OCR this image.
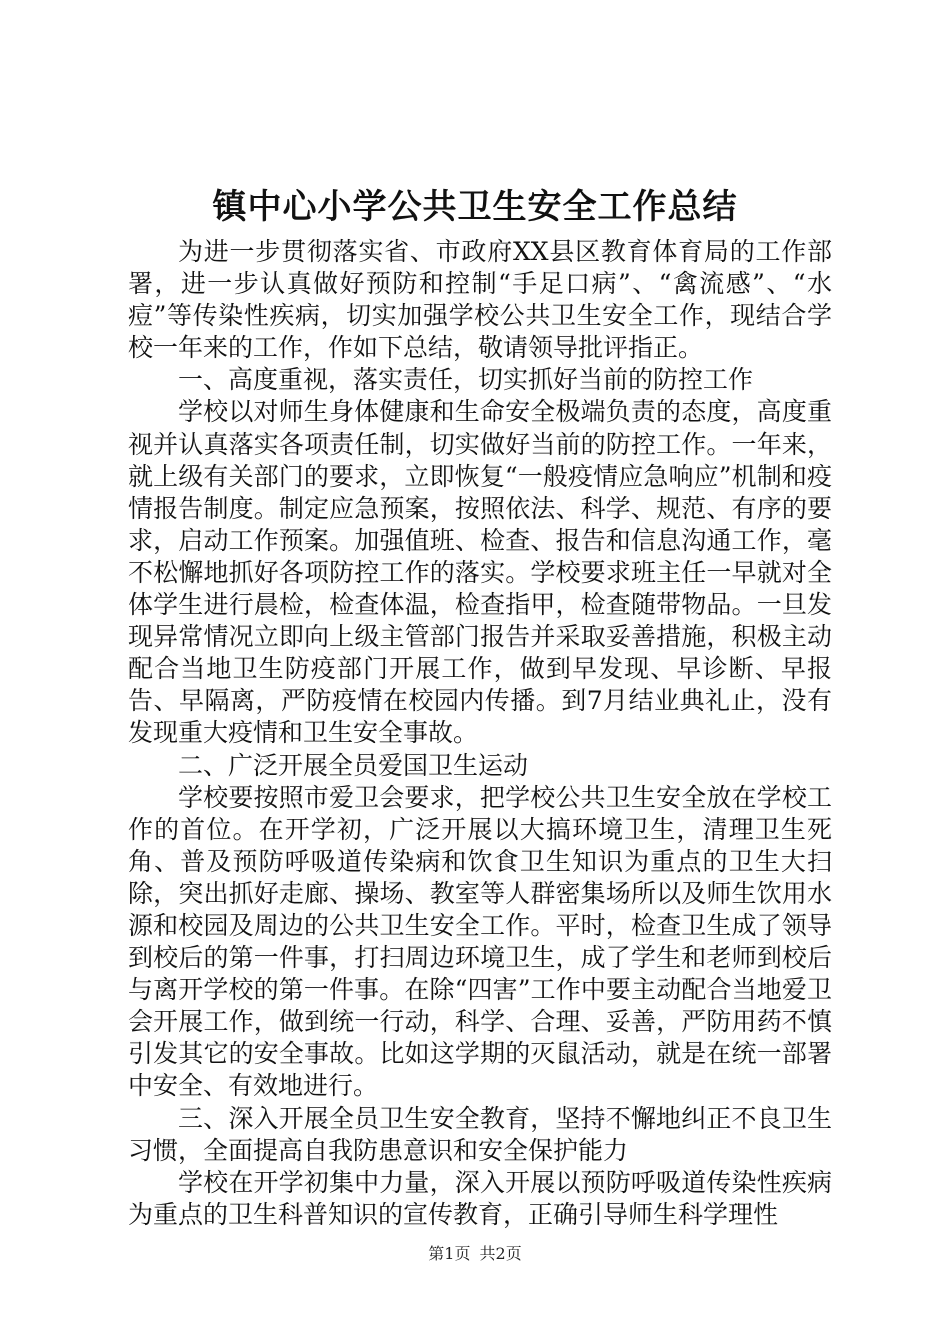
镇中心小学公共卫生安全工作总结

为进一步贯彻落实省、市政府XX县区教育体育局的工作部署，进一步认真做好预防和控制“手足口病”、“禽流感”、“水痘”等传染性疾病，切实加强学校公共卫生安全工作，现结合学校一年来的工作，作如下总结，敬请领导批评指正。

一、高度重视，落实责任，切实抓好当前的防控工作

学校以对师生身体健康和生命安全极端负责的态度，高度重视并认真落实各项责任制，切实做好当前的防控工作。一年来，就上级有关部门的要求，立即恢复“一般疫情应急响应”机制和疫情报告制度。制定应急预案，按照依法、科学、规范、有序的要求，启动工作预案。加强值班、检查、报告和信息沟通工作，毫不松懈地抓好各项防控工作的落实。学校要求班主任一早就对全体学生进行晨检，检查体温，检查指甲，检查随带物品。一旦发现异常情况立即向上级主管部门报告并采取妥善措施，积极主动配合当地卫生防疫部门开展工作，做到早发现、早诊断、早报告、早隔离，严防疫情在校园内传播。到7月结业典礼止，没有发现重大疫情和卫生安全事故。

二、广泛开展全员爱国卫生运动

学校要按照市爱卫会要求，把学校公共卫生安全放在学校工作的首位。在开学初，广泛开展以大搞环境卫生，清理卫生死角、普及预防呼吸道传染病和饮食卫生知识为重点的卫生大扫除，突出抓好走廊、操场、教室等人群密集场所以及师生饮用水源和校园及周边的公共卫生安全工作。平时，检查卫生成了领导到校后的第一件事，打扫周边环境卫生，成了学生和老师到校后与离开学校的第一件事。在除“四害”工作中要主动配合当地爱卫会开展工作，做到统一行动，科学、合理、妥善，严防用药不慎引发其它的安全事故。比如这学期的灭鼠活动，就是在统一部署中安全、有效地进行。

三、深入开展全员卫生安全教育，坚持不懈地纠正不良卫生习惯，全面提高自我防患意识和安全保护能力

学校在开学初集中力量，深入开展以预防呼吸道传染性疾病为重点的卫生科普知识的宣传教育，正确引导师生科学理性

第1页 共2页
